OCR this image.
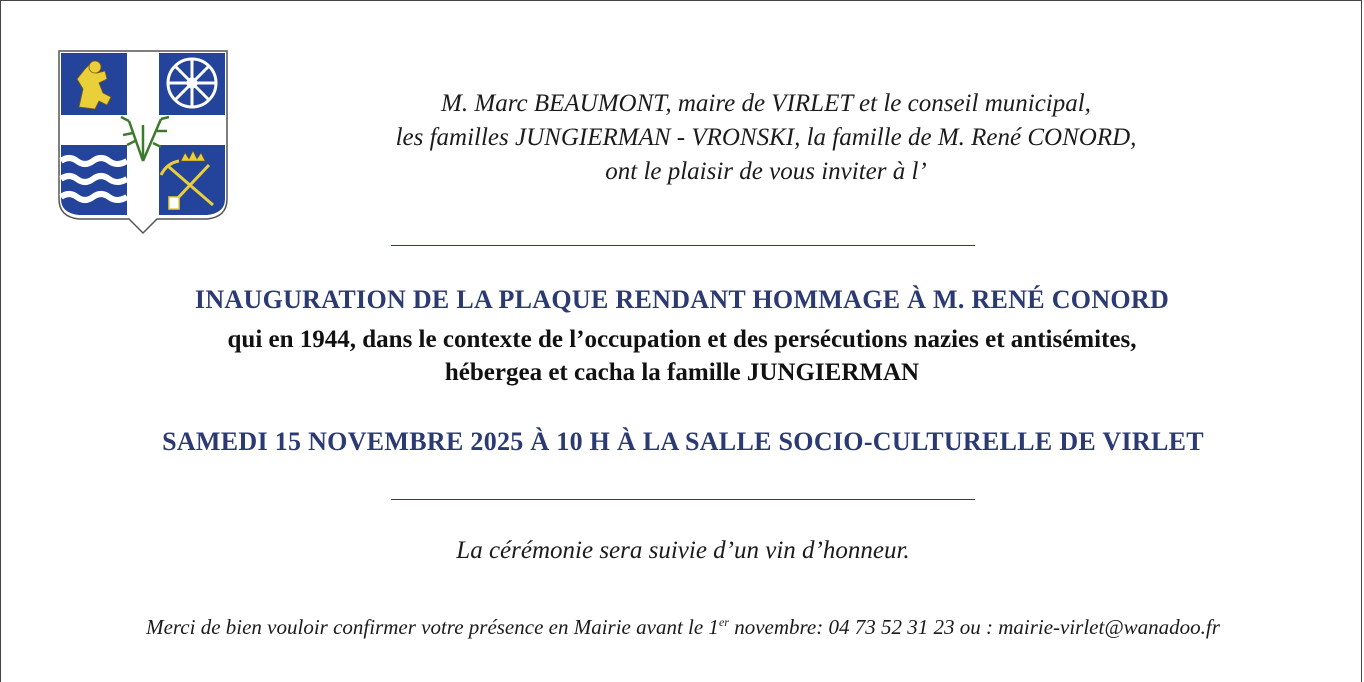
M. Marc BEAUMONT, maire de VIRLET et le conseil municipal,
les familles JUNGIERMAN - VRONSKI, la famille de M. René CONORD,
ont le plaisir de vous inviter à l’
INAUGURATION DE LA PLAQUE RENDANT HOMMAGE À M. RENÉ CONORD
qui en 1944, dans le contexte de l’occupation et des persécutions nazies et antisémites,
hébergea et cacha la famille JUNGIERMAN
SAMEDI 15 NOVEMBRE 2025 À 10 H À LA SALLE SOCIO-CULTURELLE DE VIRLET
La cérémonie sera suivie d’un vin d’honneur.
Merci de bien vouloir confirmer votre présence en Mairie avant le 1er novembre: 04 73 52 31 23 ou : mairie-virlet@wanadoo.fr
